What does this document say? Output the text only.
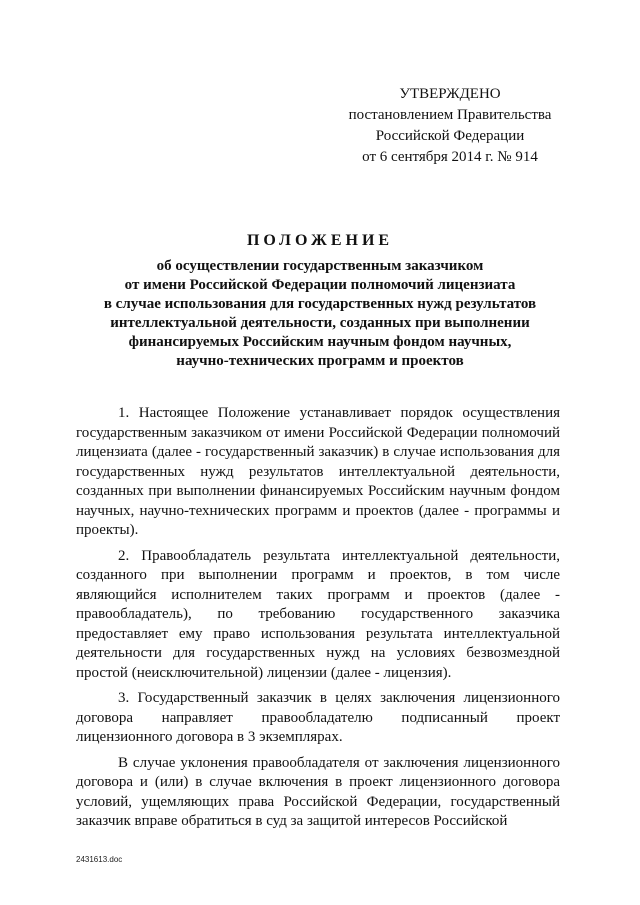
УТВЕРЖДЕНО
постановлением Правительства
Российской Федерации
от 6 сентября 2014 г. № 914
ПОЛОЖЕНИЕ
об осуществлении государственным заказчиком
от имени Российской Федерации полномочий лицензиата
в случае использования для государственных нужд результатов
интеллектуальной деятельности, созданных при выполнении
финансируемых Российским научным фондом научных,
научно-технических программ и проектов

1. Настоящее Положение устанавливает порядок осуществления государственным заказчиком от имени Российской Федерации полномочий лицензиата (далее - государственный заказчик) в случае использования для государственных нужд результатов интеллектуальной деятельности, созданных при выполнении финансируемых Российским научным фондом научных, научно-технических программ и проектов (далее - программы и проекты).

2. Правообладатель результата интеллектуальной деятельности, созданного при выполнении программ и проектов, в том числе являющийся исполнителем таких программ и проектов (далее - правообладатель), по требованию государственного заказчика предоставляет ему право использования результата интеллектуальной деятельности для государственных нужд на условиях безвозмездной простой (неисключительной) лицензии (далее - лицензия).

3. Государственный заказчик в целях заключения лицензионного договора направляет правообладателю подписанный проект лицензионного договора в 3 экземплярах.

В случае уклонения правообладателя от заключения лицензионного договора и (или) в случае включения в проект лицензионного договора условий, ущемляющих права Российской Федерации, государственный заказчик вправе обратиться в суд за защитой интересов Российской

2431613.doc
